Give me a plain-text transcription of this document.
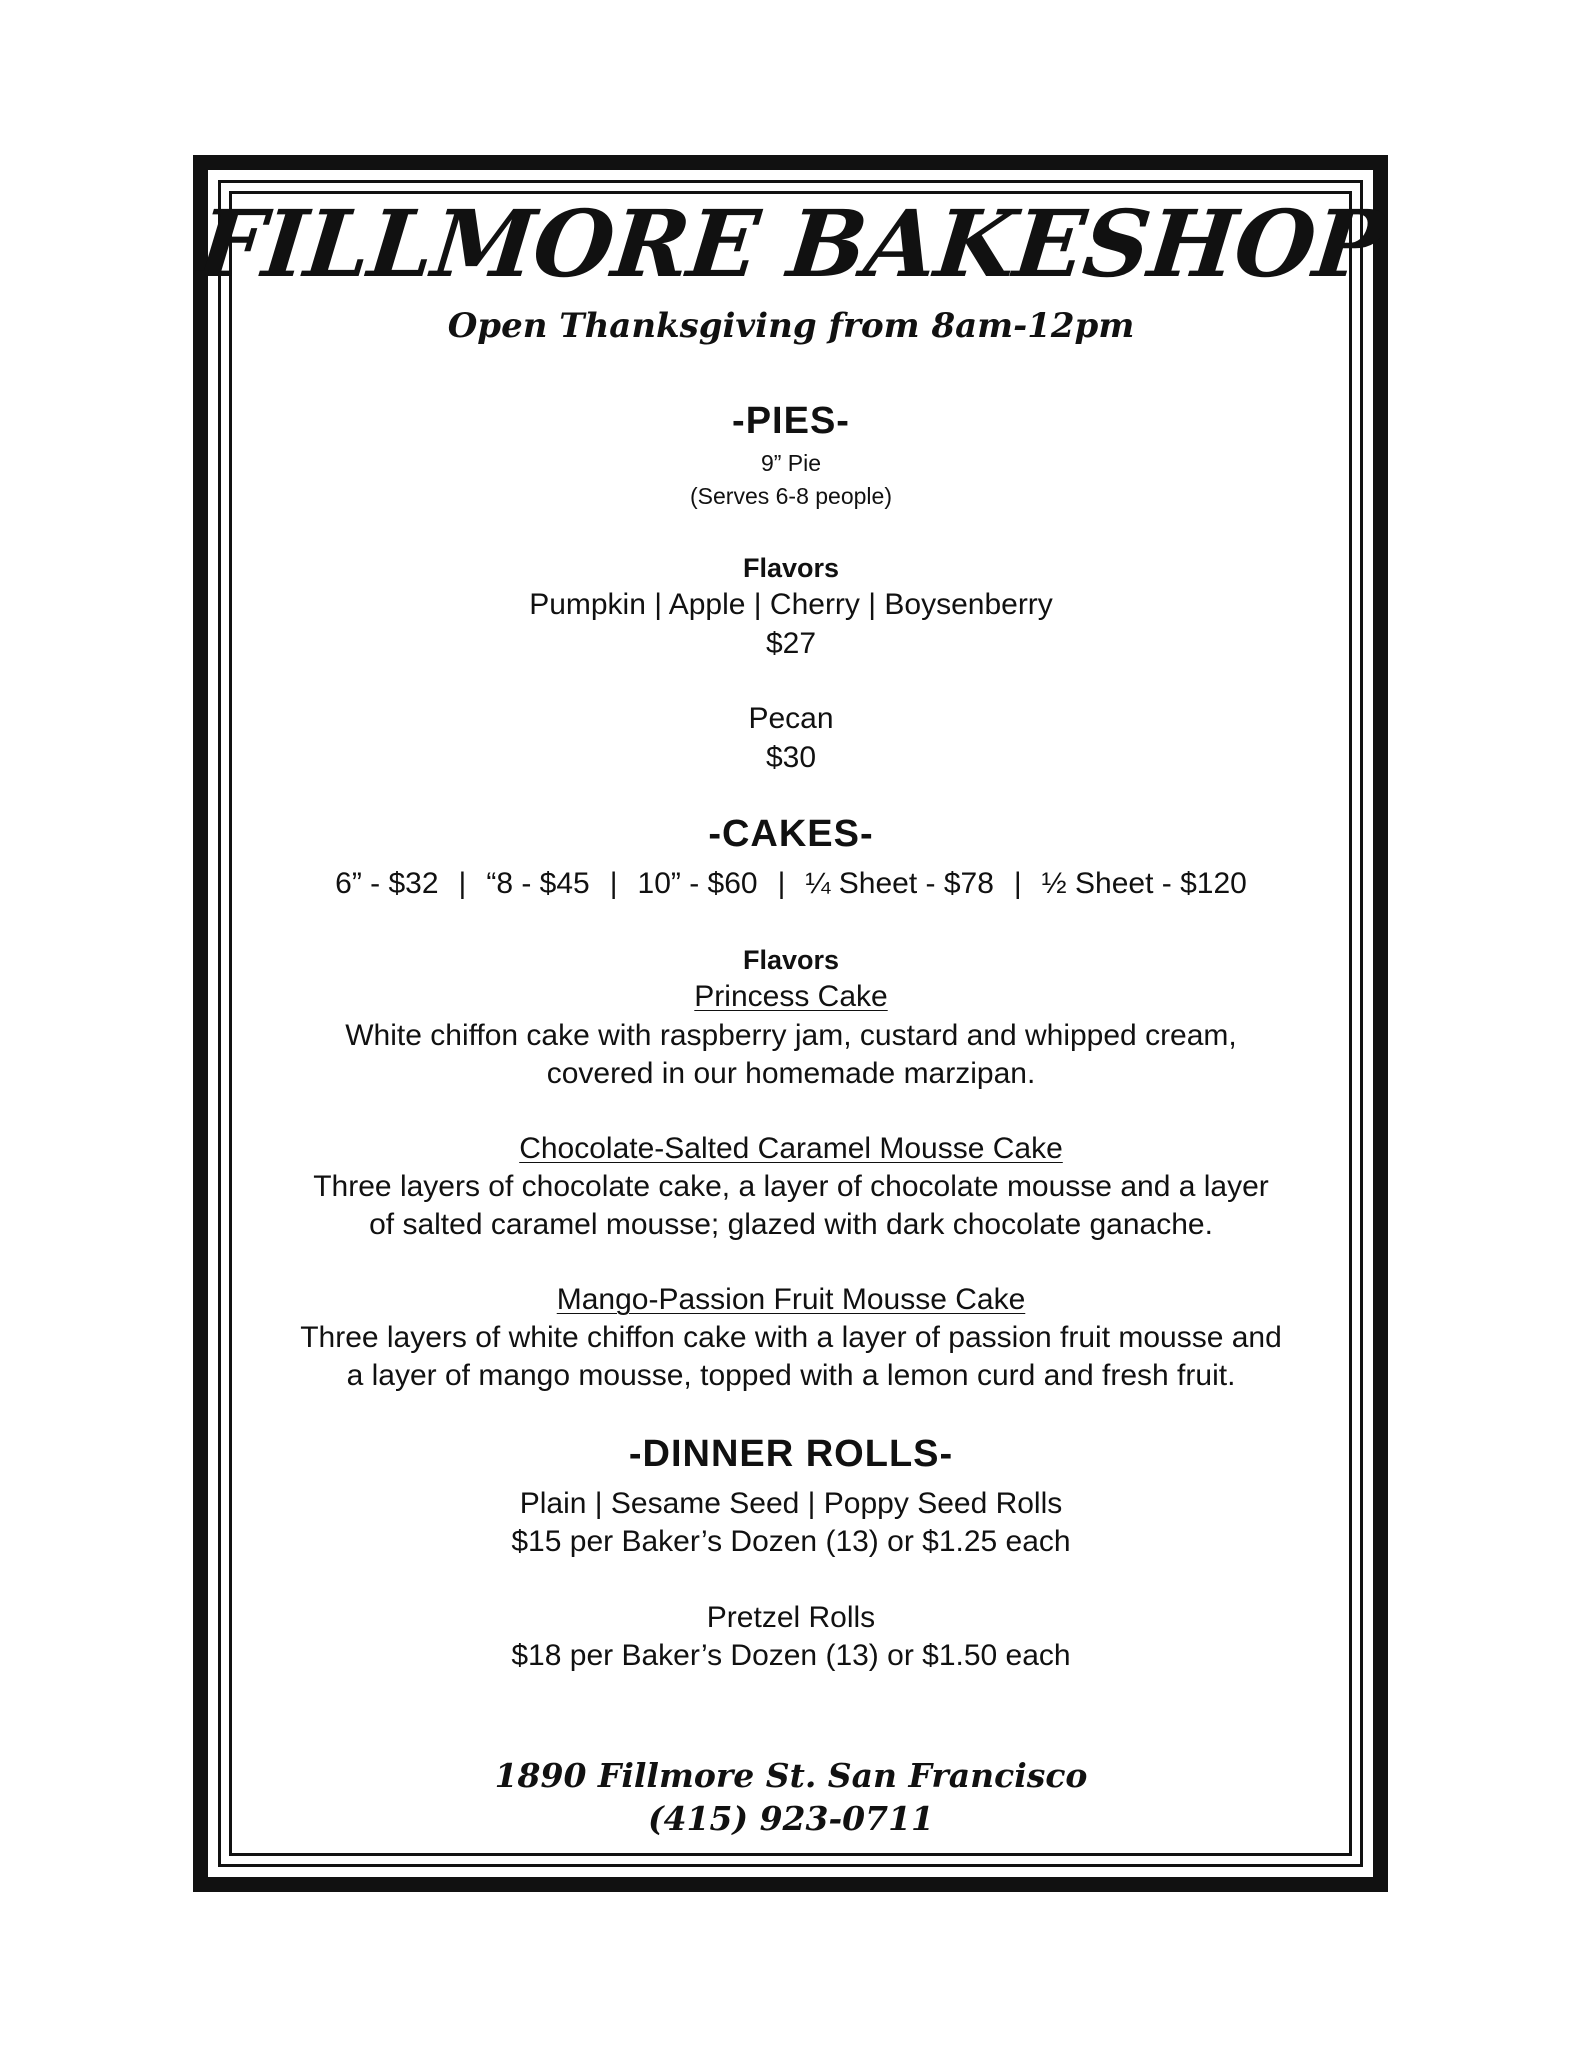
FILLMORE BAKESHOP
Open Thanksgiving from 8am-12pm
-PIES-
9” Pie
(Serves 6-8 people)
Flavors
Pumpkin | Apple | Cherry | Boysenberry
$27
Pecan
$30
-CAKES-
6” - $32 | “8 - $45 | 10” - $60 | ¼ Sheet - $78 | ½ Sheet - $120
Flavors
Princess Cake
White chiffon cake with raspberry jam, custard and whipped cream,
covered in our homemade marzipan.
Chocolate-Salted Caramel Mousse Cake
Three layers of chocolate cake, a layer of chocolate mousse and a layer
of salted caramel mousse; glazed with dark chocolate ganache.
Mango-Passion Fruit Mousse Cake
Three layers of white chiffon cake with a layer of passion fruit mousse and
a layer of mango mousse, topped with a lemon curd and fresh fruit.
-DINNER ROLLS-
Plain | Sesame Seed | Poppy Seed Rolls
$15 per Baker’s Dozen (13) or $1.25 each
Pretzel Rolls
$18 per Baker’s Dozen (13) or $1.50 each
1890 Fillmore St. San Francisco
(415) 923-0711
